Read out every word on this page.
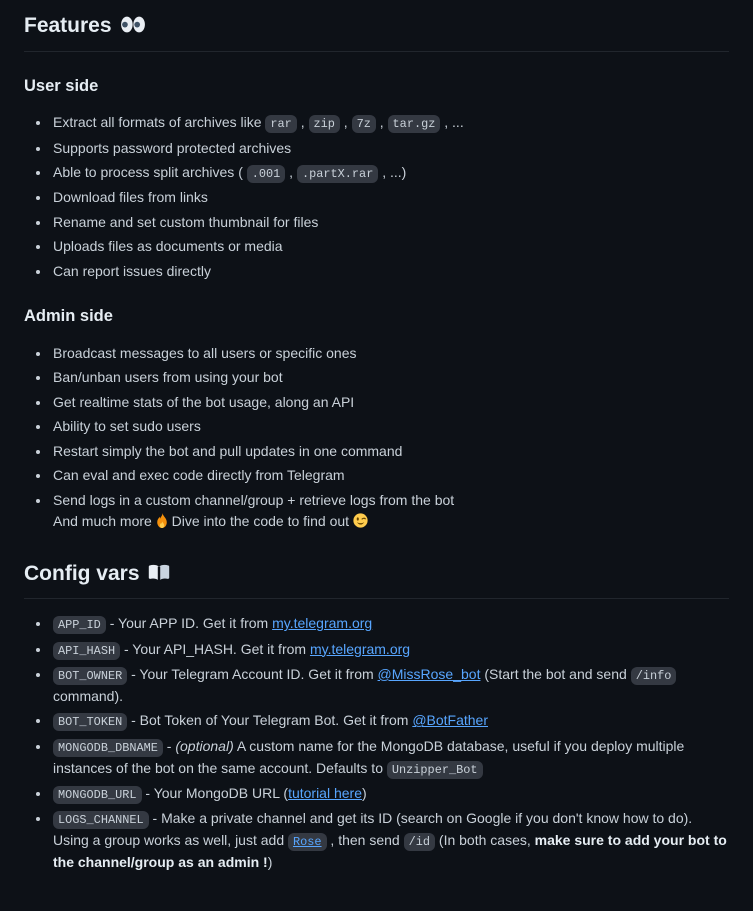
Features
User side
• Extract all formats of archives like rar , zip , 7z , tar.gz , ...
• Supports password protected archives
• Able to process split archives ( .001 , .partX.rar , ...)
• Download files from links
• Rename and set custom thumbnail for files
• Uploads files as documents or media
• Can report issues directly
Admin side
• Broadcast messages to all users or specific ones
• Ban/unban users from using your bot
• Get realtime stats of the bot usage, along an API
• Ability to set sudo users
• Restart simply the bot and pull updates in one command
• Can eval and exec code directly from Telegram
• Send logs in a custom channel/group + retrieve logs from the bot
And much more  Dive into the code to find out
Config vars
• APP_ID - Your APP ID. Get it from my.telegram.org
• API_HASH - Your API_HASH. Get it from my.telegram.org
• BOT_OWNER - Your Telegram Account ID. Get it from @MissRose_bot (Start the bot and send /info command).
• BOT_TOKEN - Bot Token of Your Telegram Bot. Get it from @BotFather
• MONGODB_DBNAME - (optional) A custom name for the MongoDB database, useful if you deploy multiple instances of the bot on the same account. Defaults to Unzipper_Bot
• MONGODB_URL - Your MongoDB URL (tutorial here)
• LOGS_CHANNEL - Make a private channel and get its ID (search on Google if you don't know how to do). Using a group works as well, just add Rose , then send /id (In both cases, make sure to add your bot to the channel/group as an admin !)
